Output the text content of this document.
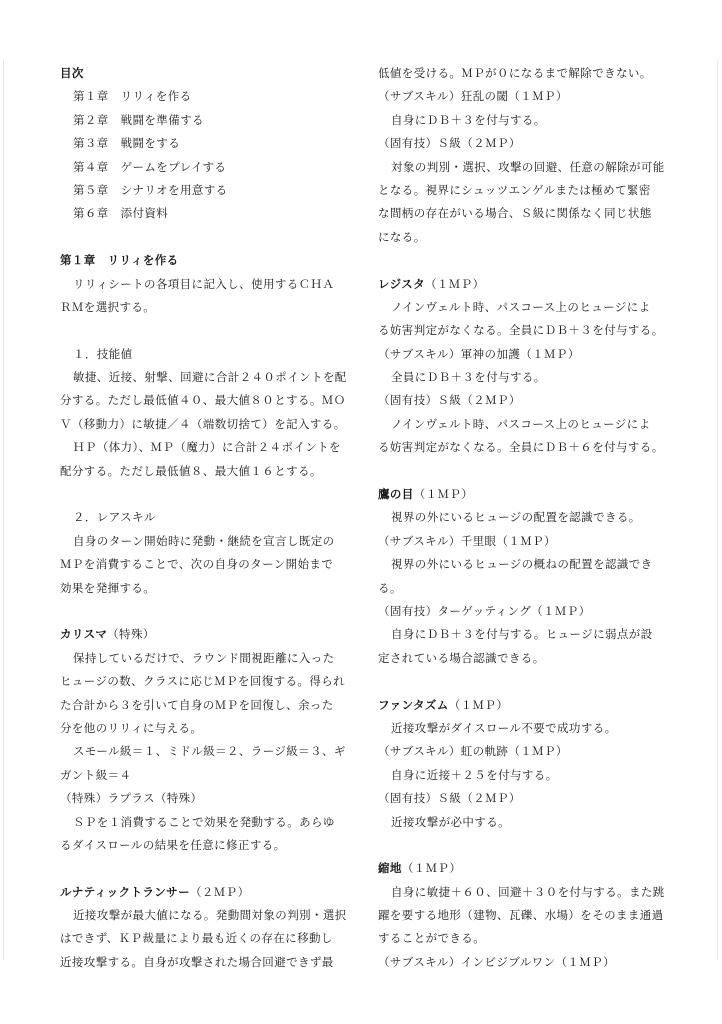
目次
第１章　リリィを作る
第２章　戦闘を準備する
第３章　戦闘をする
第４章　ゲームをプレイする
第５章　シナリオを用意する
第６章　添付資料
第１章　リリィを作る
リリィシートの各項目に記入し、使用するＣＨＡ
ＲＭを選択する。
１．技能値
敏捷、近接、射撃、回避に合計２４０ポイントを配
分する。ただし最低値４０、最大値８０とする。ＭＯ
Ｖ（移動力）に敏捷／４（端数切捨て）を記入する。
ＨＰ（体力）、ＭＰ（魔力）に合計２４ポイントを
配分する。ただし最低値８、最大値１６とする。
２．レアスキル
自身のターン開始時に発動・継続を宣言し既定の
ＭＰを消費することで、次の自身のターン開始まで
効果を発揮する。
カリスマ（特殊）
保持しているだけで、ラウンド間視距離に入った
ヒュージの数、クラスに応じＭＰを回復する。得られ
た合計から３を引いて自身のＭＰを回復し、余った
分を他のリリィに与える。
スモール級＝１、ミドル級＝２、ラージ級＝３、ギ
ガント級＝４
（特殊）ラプラス（特殊）
ＳＰを１消費することで効果を発動する。あらゆ
るダイスロールの結果を任意に修正する。
ルナティックトランサー（２ＭＰ）
近接攻撃が最大値になる。発動間対象の判別・選択
はできず、ＫＰ裁量により最も近くの存在に移動し
近接攻撃する。自身が攻撃された場合回避できず最
低値を受ける。ＭＰが０になるまで解除できない。
（サブスキル）狂乱の閾（１ＭＰ）
自身にＤＢ＋３を付与する。
（固有技）Ｓ級（２ＭＰ）
対象の判別・選択、攻撃の回避、任意の解除が可能
となる。視界にシュッツエンゲルまたは極めて緊密
な間柄の存在がいる場合、Ｓ級に関係なく同じ状態
になる。
レジスタ（１ＭＰ）
ノインヴェルト時、パスコース上のヒュージによ
る妨害判定がなくなる。全員にＤＢ＋３を付与する。
（サブスキル）軍神の加護（１ＭＰ）
全員にＤＢ＋３を付与する。
（固有技）Ｓ級（２ＭＰ）
ノインヴェルト時、パスコース上のヒュージによ
る妨害判定がなくなる。全員にＤＢ＋６を付与する。
鷹の目（１ＭＰ）
視界の外にいるヒュージの配置を認識できる。
（サブスキル）千里眼（１ＭＰ）
視界の外にいるヒュージの概ねの配置を認識でき
る。
（固有技）ターゲッティング（１ＭＰ）
自身にＤＢ＋３を付与する。ヒュージに弱点が設
定されている場合認識できる。
ファンタズム（１ＭＰ）
近接攻撃がダイスロール不要で成功する。
（サブスキル）虹の軌跡（１ＭＰ）
自身に近接＋２５を付与する。
（固有技）Ｓ級（２ＭＰ）
近接攻撃が必中する。
縮地（１ＭＰ）
自身に敏捷＋６０、回避＋３０を付与する。また跳
躍を要する地形（建物、瓦礫、水場）をそのまま通過
することができる。
（サブスキル）インビジブルワン（１ＭＰ）
